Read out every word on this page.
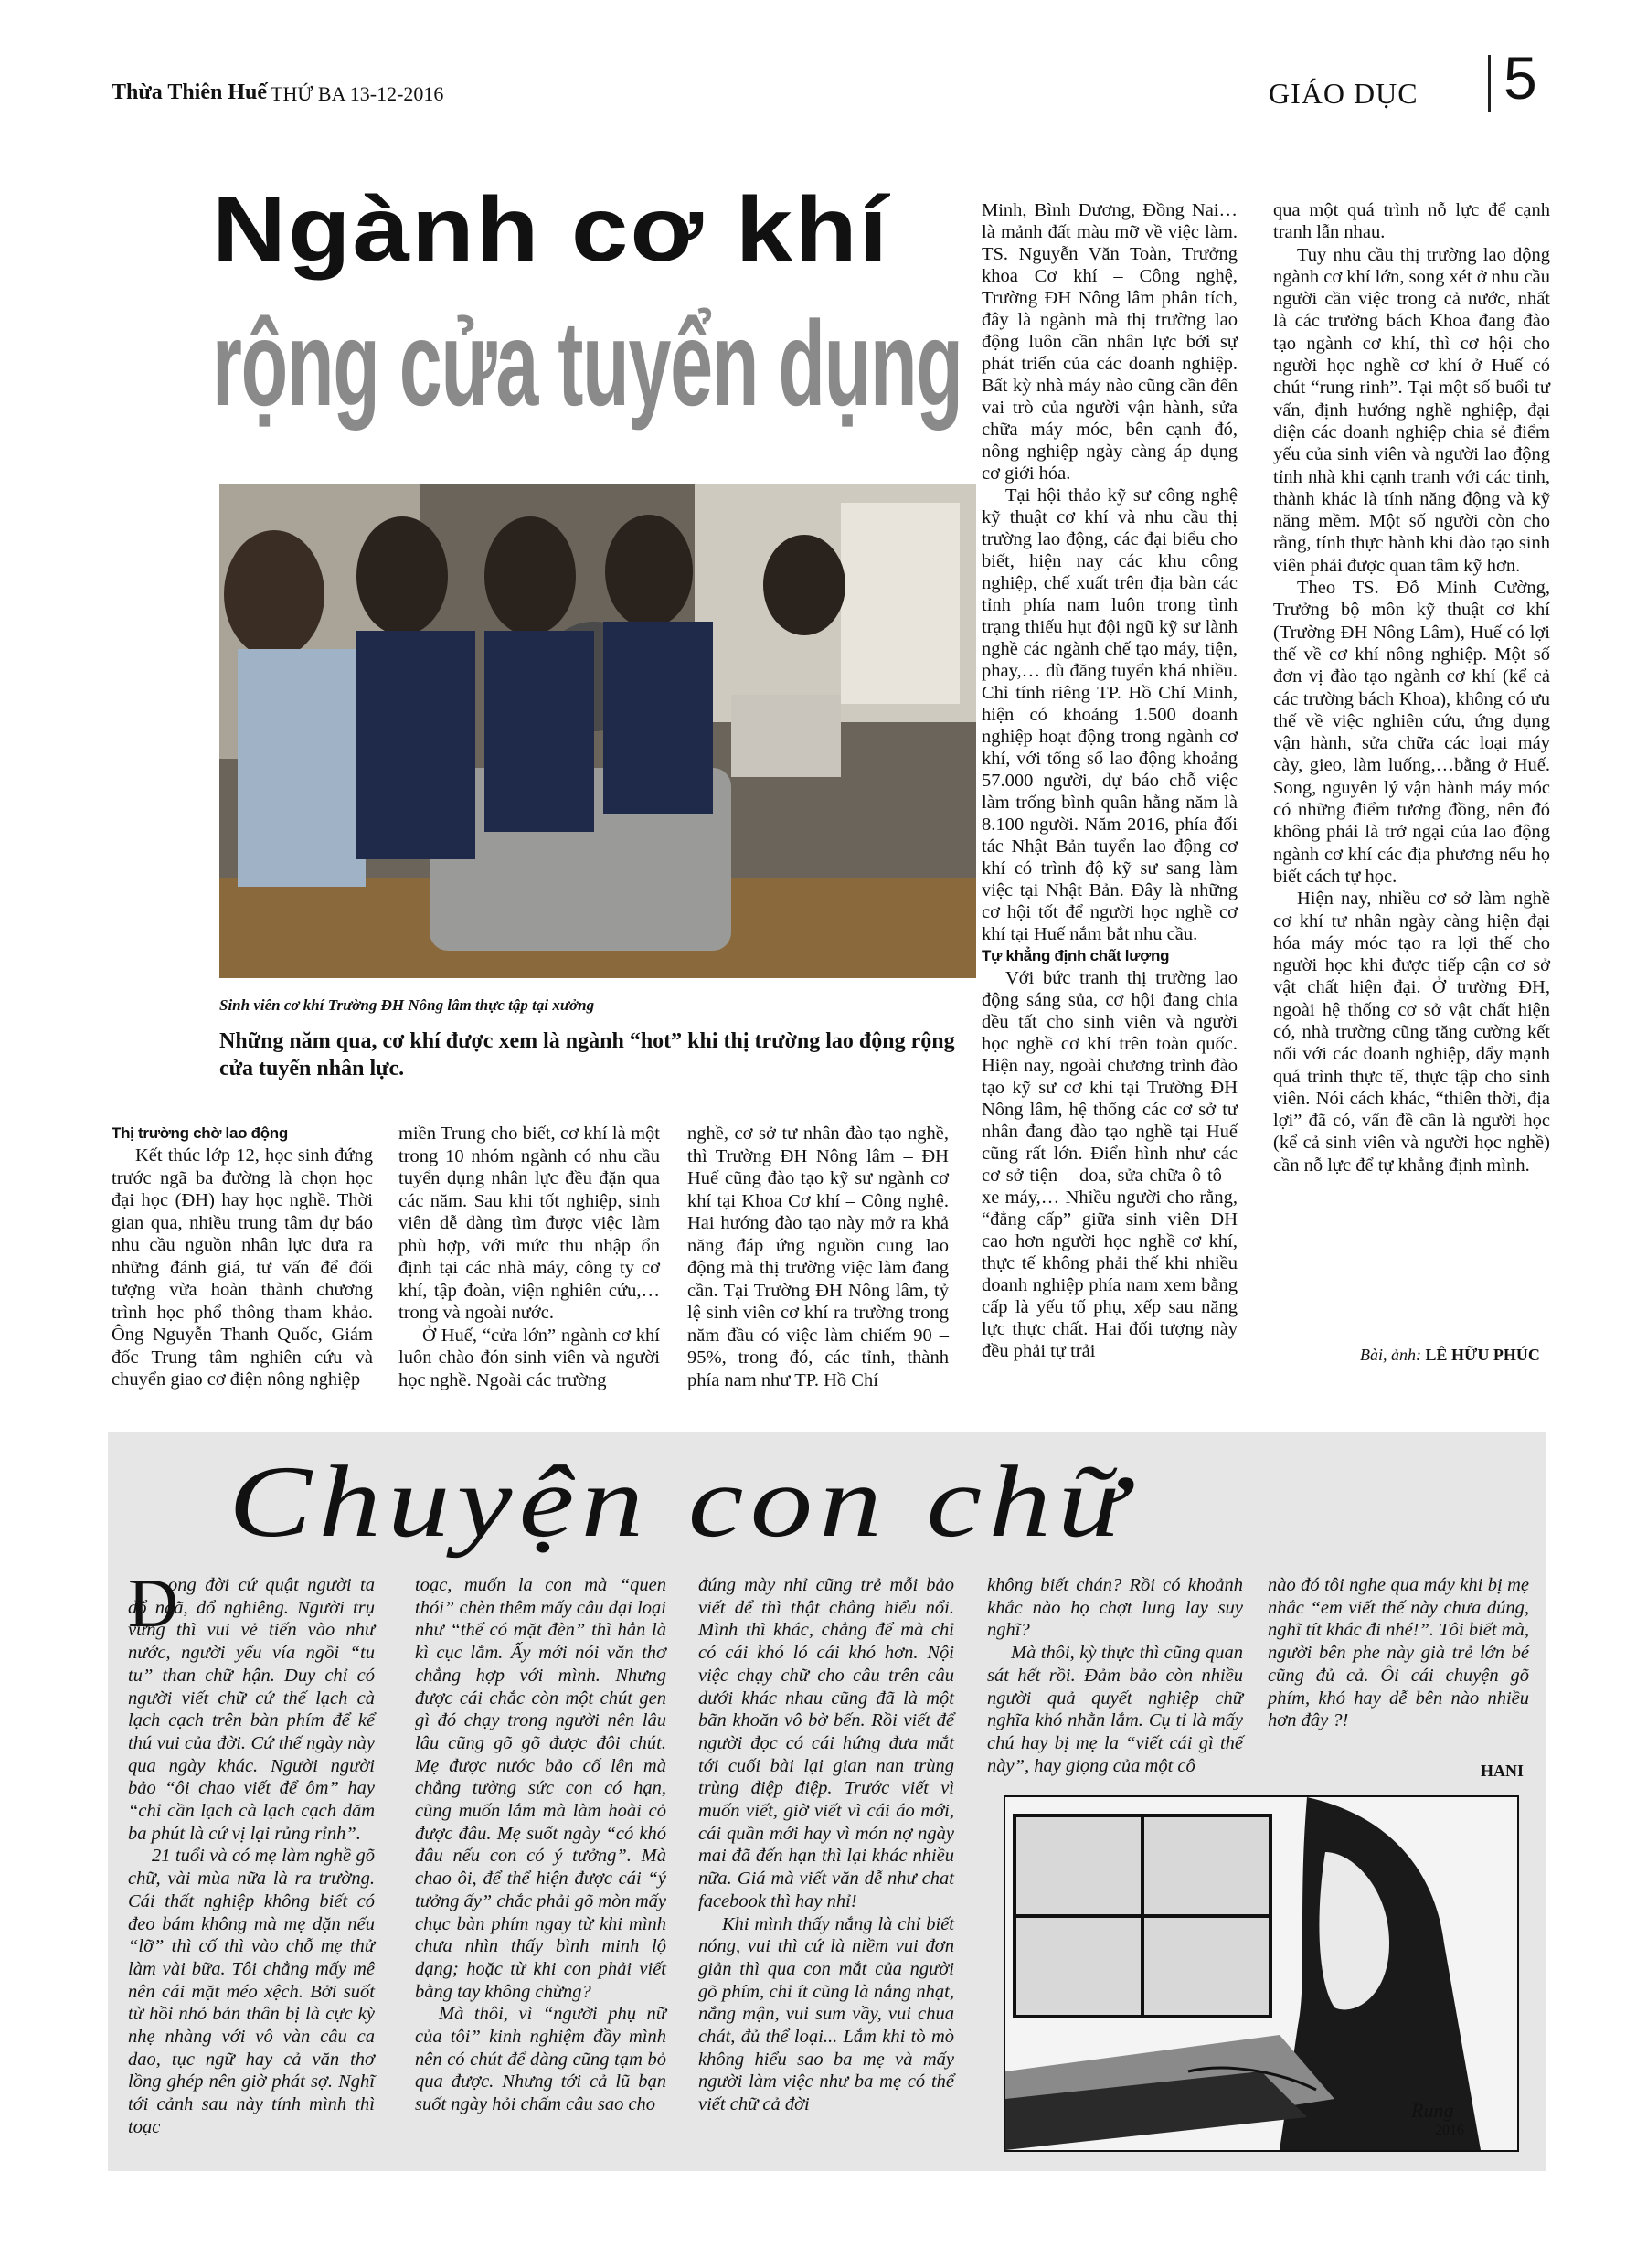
Thừa Thiên Huế THỨ BA 13-12-2016	GIÁO DỤC 5
Ngành cơ khí
rộng cửa tuyển dụng
Sinh viên cơ khí Trường ĐH Nông lâm thực tập tại xưởng
Những năm qua, cơ khí được xem là ngành “hot” khi thị trường lao động rộng cửa tuyển nhân lực.

Thị trường chờ lao động

Kết thúc lớp 12, học sinh đứng trước ngã ba đường là chọn học đại học (ĐH) hay học nghề. Thời gian qua, nhiều trung tâm dự báo nhu cầu nguồn nhân lực đưa ra những đánh giá, tư vấn để đối tượng vừa hoàn thành chương trình học phổ thông tham khảo. Ông Nguyễn Thanh Quốc, Giám đốc Trung tâm nghiên cứu và chuyển giao cơ điện nông nghiệp

miền Trung cho biết, cơ khí là một trong 10 nhóm ngành có nhu cầu tuyển dụng nhân lực đều đặn qua các năm. Sau khi tốt nghiệp, sinh viên dễ dàng tìm được việc làm phù hợp, với mức thu nhập ổn định tại các nhà máy, công ty cơ khí, tập đoàn, viện nghiên cứu,… trong và ngoài nước.

Ở Huế, “cửa lớn” ngành cơ khí luôn chào đón sinh viên và người học nghề. Ngoài các trường

nghề, cơ sở tư nhân đào tạo nghề, thì Trường ĐH Nông lâm – ĐH Huế cũng đào tạo kỹ sư ngành cơ khí tại Khoa Cơ khí – Công nghệ. Hai hướng đào tạo này mở ra khả năng đáp ứng nguồn cung lao động mà thị trường việc làm đang cần. Tại Trường ĐH Nông lâm, tỷ lệ sinh viên cơ khí ra trường trong năm đầu có việc làm chiếm 90 – 95%, trong đó, các tỉnh, thành phía nam như TP. Hồ Chí

Minh, Bình Dương, Đồng Nai… là mảnh đất màu mỡ về việc làm. TS. Nguyễn Văn Toàn, Trưởng khoa Cơ khí – Công nghệ, Trường ĐH Nông lâm phân tích, đây là ngành mà thị trường lao động luôn cần nhân lực bởi sự phát triển của các doanh nghiệp. Bất kỳ nhà máy nào cũng cần đến vai trò của người vận hành, sửa chữa máy móc, bên cạnh đó, nông nghiệp ngày càng áp dụng cơ giới hóa.

Tại hội thảo kỹ sư công nghệ kỹ thuật cơ khí và nhu cầu thị trường lao động, các đại biểu cho biết, hiện nay các khu công nghiệp, chế xuất trên địa bàn các tỉnh phía nam luôn trong tình trạng thiếu hụt đội ngũ kỹ sư lành nghề các ngành chế tạo máy, tiện, phay,… dù đăng tuyển khá nhiều. Chỉ tính riêng TP. Hồ Chí Minh, hiện có khoảng 1.500 doanh nghiệp hoạt động trong ngành cơ khí, với tổng số lao động khoảng 57.000 người, dự báo chỗ việc làm trống bình quân hằng năm là 8.100 người. Năm 2016, phía đối tác Nhật Bản tuyển lao động cơ khí có trình độ kỹ sư sang làm việc tại Nhật Bản. Đây là những cơ hội tốt để người học nghề cơ khí tại Huế nắm bắt nhu cầu.

Tự khẳng định chất lượng

Với bức tranh thị trường lao động sáng sủa, cơ hội đang chia đều tất cho sinh viên và người học nghề cơ khí trên toàn quốc. Hiện nay, ngoài chương trình đào tạo kỹ sư cơ khí tại Trường ĐH Nông lâm, hệ thống các cơ sở tư nhân đang đào tạo nghề tại Huế cũng rất lớn. Điển hình như các cơ sở tiện – doa, sửa chữa ô tô – xe máy,… Nhiều người cho rằng, “đẳng cấp” giữa sinh viên ĐH cao hơn người học nghề cơ khí, thực tế không phải thế khi nhiều doanh nghiệp phía nam xem bằng cấp là yếu tố phụ, xếp sau năng lực thực chất. Hai đối tượng này đều phải tự trải

qua một quá trình nỗ lực để cạnh tranh lẫn nhau.

Tuy nhu cầu thị trường lao động ngành cơ khí lớn, song xét ở nhu cầu người cần việc trong cả nước, nhất là các trường bách Khoa đang đào tạo ngành cơ khí, thì cơ hội cho người học nghề cơ khí ở Huế có chút “rung rinh”. Tại một số buổi tư vấn, định hướng nghề nghiệp, đại diện các doanh nghiệp chia sẻ điểm yếu của sinh viên và người lao động tỉnh nhà khi cạnh tranh với các tỉnh, thành khác là tính năng động và kỹ năng mềm. Một số người còn cho rằng, tính thực hành khi đào tạo sinh viên phải được quan tâm kỹ hơn.

Theo TS. Đỗ Minh Cường, Trưởng bộ môn kỹ thuật cơ khí (Trường ĐH Nông Lâm), Huế có lợi thế về cơ khí nông nghiệp. Một số đơn vị đào tạo ngành cơ khí (kể cả các trường bách Khoa), không có ưu thế về việc nghiên cứu, ứng dụng vận hành, sửa chữa các loại máy cày, gieo, làm luống,…bằng ở Huế. Song, nguyên lý vận hành máy móc có những điểm tương đồng, nên đó không phải là trở ngại của lao động ngành cơ khí các địa phương nếu họ biết cách tự học.

Hiện nay, nhiều cơ sở làm nghề cơ khí tư nhân ngày càng hiện đại hóa máy móc tạo ra lợi thế cho người học khi được tiếp cận cơ sở vật chất hiện đại. Ở trường ĐH, ngoài hệ thống cơ sở vật chất hiện có, nhà trường cũng tăng cường kết nối với các doanh nghiệp, đẩy mạnh quá trình thực tế, thực tập cho sinh viên. Nói cách khác, “thiên thời, địa lợi” đã có, vấn đề cần là người học (kể cả sinh viên và người học nghề) cần nỗ lực để tự khẳng định mình.

Bài, ảnh: LÊ HỮU PHÚC
Chuyện con chữ
D

ọng đời cứ quật người ta đổ ngã, đổ nghiêng. Người trụ vững thì vui vẻ tiến vào như nước, người yếu vía ngồi “tu tu” than chữ hận. Duy chỉ có người viết chữ cứ thế lạch cà lạch cạch trên bàn phím để kể thú vui của đời. Cứ thế ngày này qua ngày khác. Người người bảo “ôi chao viết để ôm” hay “chỉ cần lạch cà lạch cạch dăm ba phút là cứ vị lại rủng rỉnh”.

21 tuổi và có mẹ làm nghề gõ chữ, vài mùa nữa là ra trường. Cái thất nghiệp không biết có đeo bám không mà mẹ dặn nếu “lỡ” thì cố thì vào chỗ mẹ thử làm vài bữa. Tôi chẳng mấy mê nên cái mặt méo xệch. Bởi suốt từ hồi nhỏ bản thân bị là cực kỳ nhẹ nhàng với vô vàn câu ca dao, tục ngữ hay cả văn thơ lồng ghép nên giờ phát sợ. Nghĩ tới cảnh sau này tính mình thì toạc

toạc, muốn la con mà “quen thói” chèn thêm mấy câu đại loại như “thể có mặt đèn” thì hẳn là kì cục lắm. Ấy mới nói văn thơ chẳng hợp với mình. Nhưng được cái chắc còn một chút gen gì đó chạy trong người nên lâu lâu cũng gõ gõ được đôi chút. Mẹ được nước bảo cố lên mà chẳng tường sức con có hạn, cũng muốn lắm mà làm hoài cỏ được đâu. Mẹ suốt ngày “có khó đâu nếu con có ý tưởng”. Mà chao ôi, để thể hiện được cái “ý tưởng ấy” chắc phải gõ mòn mấy chục bàn phím ngay từ khi mình chưa nhìn thấy bình minh lộ dạng; hoặc từ khi con phải viết bằng tay không chừng?

Mà thôi, vì “người phụ nữ của tôi” kinh nghiệm đầy mình nên có chút để dàng cũng tạm bỏ qua được. Nhưng tới cả lũ bạn suốt ngày hỏi chấm câu sao cho

đúng mày nhỉ cũng trẻ mỗi bảo viết để thì thật chẳng hiểu nổi. Mình thì khác, chẳng để mà chỉ có cái khó ló cái khó hơn. Nội việc chạy chữ cho câu trên câu dưới khác nhau cũng đã là một bãn khoăn vô bờ bến. Rồi viết để người đọc có cái hứng đưa mắt tới cuối bài lại gian nan trùng trùng điệp điệp. Trước viết vì muốn viết, giờ viết vì cái áo mới, cái quần mới hay vì món nợ ngày mai đã đến hạn thì lại khác nhiều nữa. Giá mà viết văn dễ như chat facebook thì hay nhỉ!

Khi mình thấy nắng là chỉ biết nóng, vui thì cứ là niềm vui đơn giản thì qua con mắt của người gõ phím, chỉ ít cũng là nắng nhạt, nắng mận, vui sum vầy, vui chua chát, đủ thể loại... Lắm khi tò mò không hiểu sao ba mẹ và mấy người làm việc như ba mẹ có thể viết chữ cả đời

không biết chán? Rồi có khoảnh khắc nào họ chợt lung lay suy nghĩ?

Mà thôi, kỳ thực thì cũng quan sát hết rồi. Đảm bảo còn nhiều người quả quyết nghiệp chữ nghĩa khó nhằn lắm. Cụ tỉ là mấy chú hay bị mẹ la “viết cái gì thế này”, hay giọng của một cô

nào đó tôi nghe qua máy khi bị mẹ nhắc “em viết thế này chưa đúng, nghĩ tít khác đi nhé!”. Tôi biết mà, người bên phe này già trẻ lớn bé cũng đủ cả. Ôi cái chuyện gõ phím, khó hay dễ bên nào nhiều hơn đây ?!

HANI
Rung
2016
